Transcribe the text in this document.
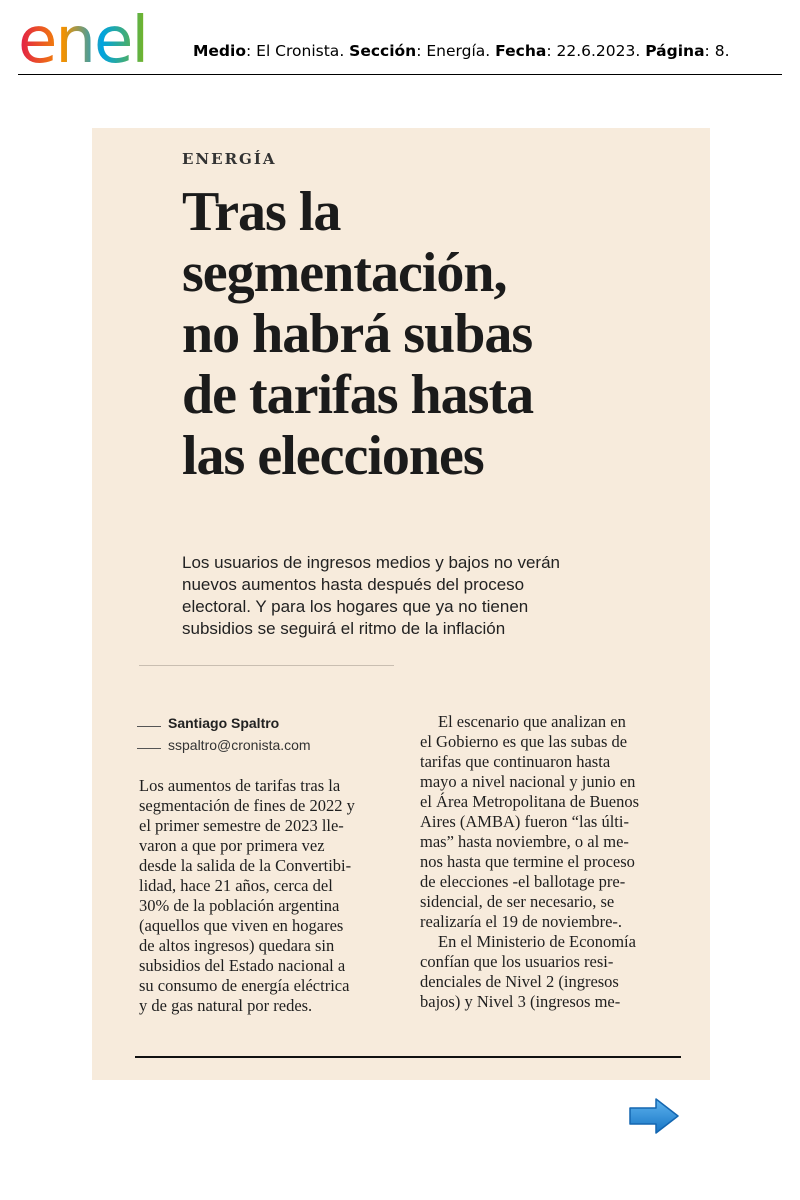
enel	Medio: El Cronista. Sección: Energía. Fecha: 22.6.2023. Página: 8.
ENERGÍA
Tras la
segmentación,
no habrá subas
de tarifas hasta
las elecciones
Los usuarios de ingresos medios y bajos no verán
nuevos aumentos hasta después del proceso
electoral. Y para los hogares que ya no tienen
subsidios se seguirá el ritmo de la inflación
Santiago Spaltro
sspaltro@cronista.com
Los aumentos de tarifas tras la
segmentación de fines de 2022 y
el primer semestre de 2023 lle-
varon a que por primera vez
desde la salida de la Convertibi-
lidad, hace 21 años, cerca del
30% de la población argentina
(aquellos que viven en hogares
de altos ingresos) quedara sin
subsidios del Estado nacional a
su consumo de energía eléctrica
y de gas natural por redes.
El escenario que analizan en
el Gobierno es que las subas de
tarifas que continuaron hasta
mayo a nivel nacional y junio en
el Área Metropolitana de Buenos
Aires (AMBA) fueron “las últi-
mas” hasta noviembre, o al me-
nos hasta que termine el proceso
de elecciones -el ballotage pre-
sidencial, de ser necesario, se
realizaría el 19 de noviembre-.
En el Ministerio de Economía
confían que los usuarios resi-
denciales de Nivel 2 (ingresos
bajos) y Nivel 3 (ingresos me-
